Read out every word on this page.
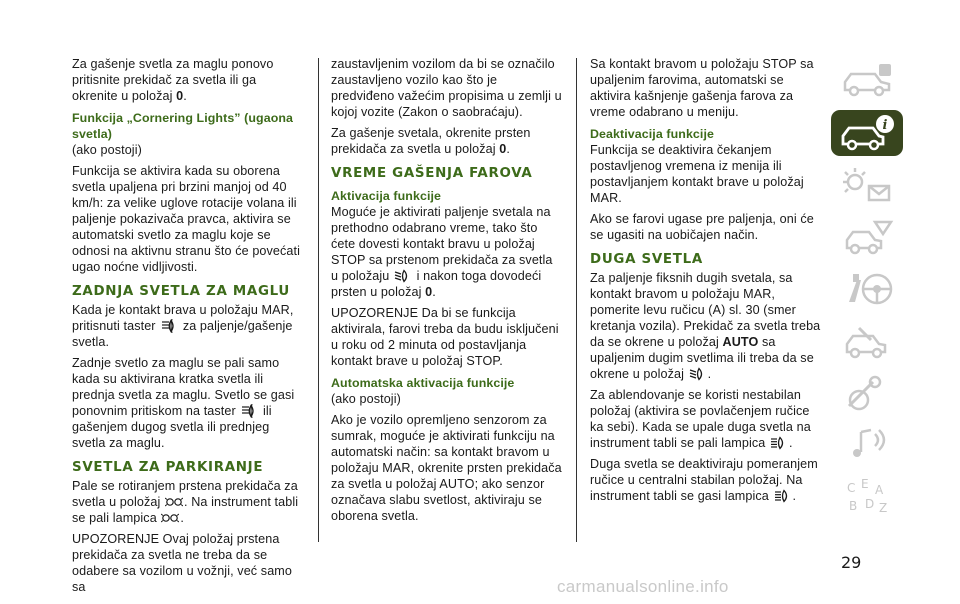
Za gašenje svetla za maglu ponovo pritisnite prekidač za svetla ili ga okrenite u položaj 0.

Funkcija „Cornering Lights” (ugaona svetla)

(ako postoji)

Funkcija se aktivira kada su oborena svetla upaljena pri brzini manjoj od 40 km/h: za velike uglove rotacije volana ili paljenje pokazivača pravca, aktivira se automatski svetlo za maglu koje se odnosi na aktivnu stranu što će povećati ugao noćne vidljivosti.

ZADNJA SVETLA ZA MAGLU

Kada je kontakt brava u položaju MAR, pritisnuti taster za paljenje/gašenje svetla.

Zadnje svetlo za maglu se pali samo kada su aktivirana kratka svetla ili prednja svetla za maglu. Svetlo se gasi ponovnim pritiskom na taster ili gašenjem dugog svetla ili prednjeg svetla za maglu.

SVETLA ZA PARKIRANJE

Pale se rotiranjem prstena prekidača za svetla u položaj . Na instrument tabli se pali lampica .

UPOZORENJE Ovaj položaj prstena prekidača za svetla ne treba da se odabere sa vozilom u vožnji, već samo sa

zaustavljenim vozilom da bi se označilo zaustavljeno vozilo kao što je predviđeno važećim propisima u zemlji u kojoj vozite (Zakon o saobraćaju).

Za gašenje svetala, okrenite prsten prekidača za svetla u položaj 0.

VREME GAŠENJA FAROVA
Aktivacija funkcije

Moguće je aktivirati paljenje svetala na prethodno odabrano vreme, tako što ćete dovesti kontakt bravu u položaj STOP sa prstenom prekidača za svetla u položaju i nakon toga dovodeći prsten u položaj 0.

UPOZORENJE Da bi se funkcija aktivirala, farovi treba da budu isključeni u roku od 2 minuta od postavljanja kontakt brave u položaj STOP.

Automatska aktivacija funkcije

(ako postoji)

Ako je vozilo opremljeno senzorom za sumrak, moguće je aktivirati funkciju na automatski način: sa kontakt bravom u položaju MAR, okrenite prsten prekidača za svetla u položaj AUTO; ako senzor označava slabu svetlost, aktiviraju se oborena svetla.

Sa kontakt bravom u položaju STOP sa upaljenim farovima, automatski se aktivira kašnjenje gašenja farova za vreme odabrano u meniju.

Deaktivacija funkcije

Funkcija se deaktivira čekanjem postavljenog vremena iz menija ili postavljanjem kontakt brave u položaj MAR.

Ako se farovi ugase pre paljenja, oni će se ugasiti na uobičajen način.

DUGA SVETLA

Za paljenje fiksnih dugih svetala, sa kontakt bravom u položaju MAR, pomerite levu ručicu (A) sl. 30 (smer kretanja vozila). Prekidač za svetla treba da se okrene u položaj AUTO sa upaljenim dugim svetlima ili treba da se okrene u položaj .

Za ablendovanje se koristi nestabilan položaj (aktivira se povlačenjem ručice ka sebi). Kada se upale duga svetla na instrument tabli se pali lampica .

Duga svetla se deaktiviraju pomeranjem ručice u centralni stabilan položaj. Na instrument tabli se gasi lampica .

i
C E A
B D Z
29
carmanualsonline.info
